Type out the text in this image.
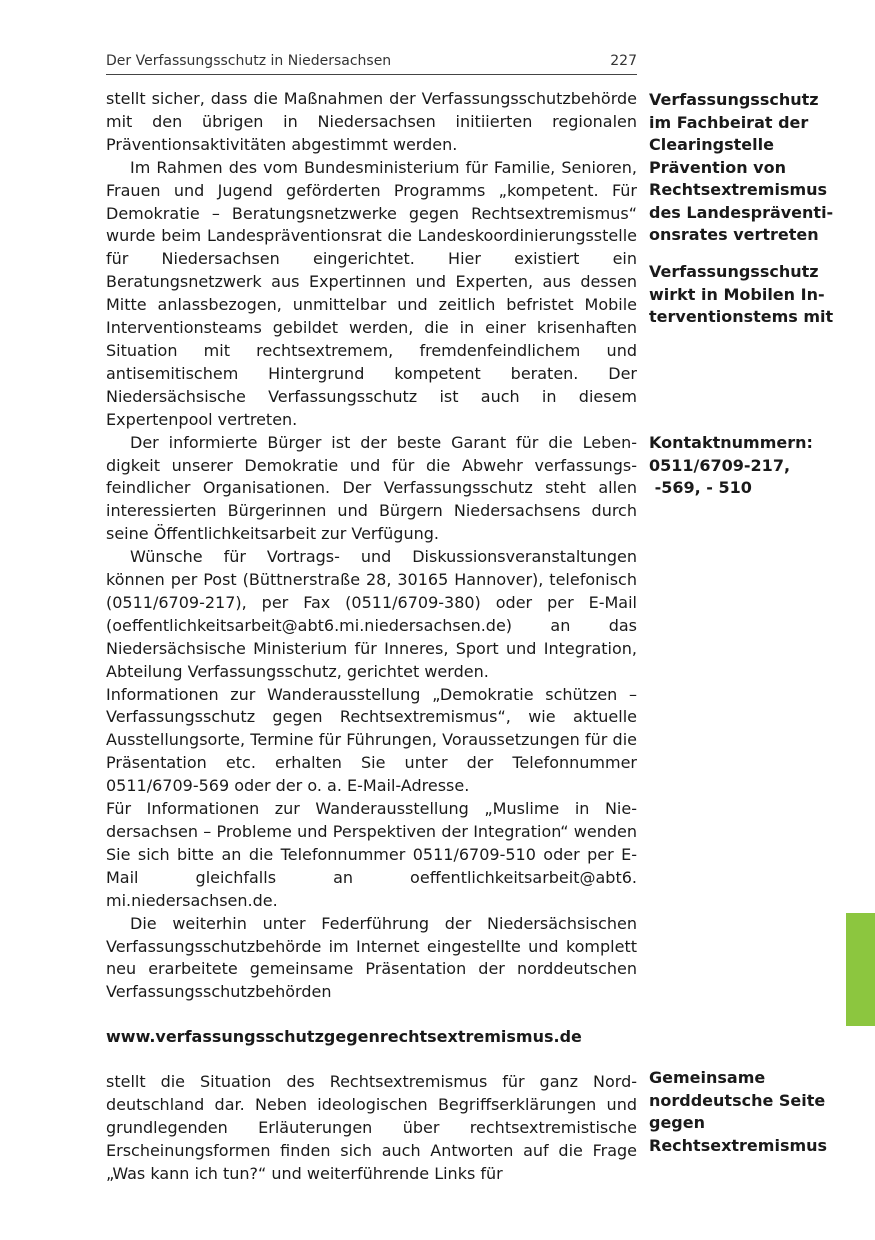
Der Verfassungsschutz in Niedersachsen	227

stellt sicher, dass die Maßnahmen der Verfassungsschutzbehörde mit den übrigen in Niedersachsen initiierten regionalen Präventionsaktivitäten abgestimmt werden.

Im Rahmen des vom Bundesministerium für Familie, Senioren, Frauen und Jugend geförderten Programms „kompetent. Für Demokratie – Beratungsnetzwerke gegen Rechtsextremismus“ wurde beim Landespräventionsrat die Landeskoordinierungsstelle für Niedersachsen eingerichtet. Hier existiert ein Beratungsnetzwerk aus Expertinnen und Experten, aus dessen Mitte anlassbezogen, unmittelbar und zeitlich befristet Mobile Interventionsteams gebildet werden, die in einer krisenhaften Situation mit rechtsextremem, fremdenfeindlichem und antisemitischem Hintergrund kompetent beraten. Der Niedersächsische Verfassungsschutz ist auch in diesem Expertenpool vertreten.

Der informierte Bürger ist der beste Garant für die Lebendigkeit unserer Demokratie und für die Abwehr verfassungsfeindlicher Organisationen. Der Verfassungsschutz steht allen interessierten Bürgerinnen und Bürgern Niedersachsens durch seine Öffentlichkeitsarbeit zur Verfügung.

Wünsche für Vortrags- und Diskussionsveranstaltungen können per Post (Büttnerstraße 28, 30165 Hannover), telefonisch (0511/6709-217), per Fax (0511/6709-380) oder per E-Mail (oeffentlichkeitsarbeit@abt6.mi.niedersachsen.de) an das Niedersächsische Ministerium für Inneres, Sport und Integration, Abteilung Verfassungsschutz, gerichtet werden.

Informationen zur Wanderausstellung „Demokratie schützen – Verfassungsschutz gegen Rechtsextremismus“, wie aktuelle Ausstellungsorte, Termine für Führungen, Voraussetzungen für die Präsentation etc. erhalten Sie unter der Telefonnummer 0511/6709-569 oder der o. a. E-Mail-Adresse.

Für Informationen zur Wanderausstellung „Muslime in Niedersachsen – Probleme und Perspektiven der Integration“ wenden Sie sich bitte an die Telefonnummer 0511/6709-510 oder per E-Mail gleichfalls an oeffentlichkeitsarbeit@abt6. mi.niedersachsen.de.

Die weiterhin unter Federführung der Niedersächsischen Verfassungsschutzbehörde im Internet eingestellte und komplett neu erarbeitete gemeinsame Präsentation der norddeutschen Verfassungsschutzbehörden

www.verfassungsschutzgegenrechtsextremismus.de

stellt die Situation des Rechtsextremismus für ganz Norddeutschland dar. Neben ideologischen Begriffserklärungen und grundlegenden Erläuterungen über rechtsextremistische Erscheinungsformen finden sich auch Antworten auf die Frage „Was kann ich tun?“ und weiterführende Links für

Verfassungsschutz
im Fachbeirat der
Clearingstelle
Prävention von
Rechtsextremismus
des Landespräventi-
onsrates vertreten
Verfassungsschutz
wirkt in Mobilen In-
terventionstems mit
Kontaktnummern:
0511/6709-217,
-569, - 510
Gemeinsame
norddeutsche Seite
gegen
Rechtsextremismus
